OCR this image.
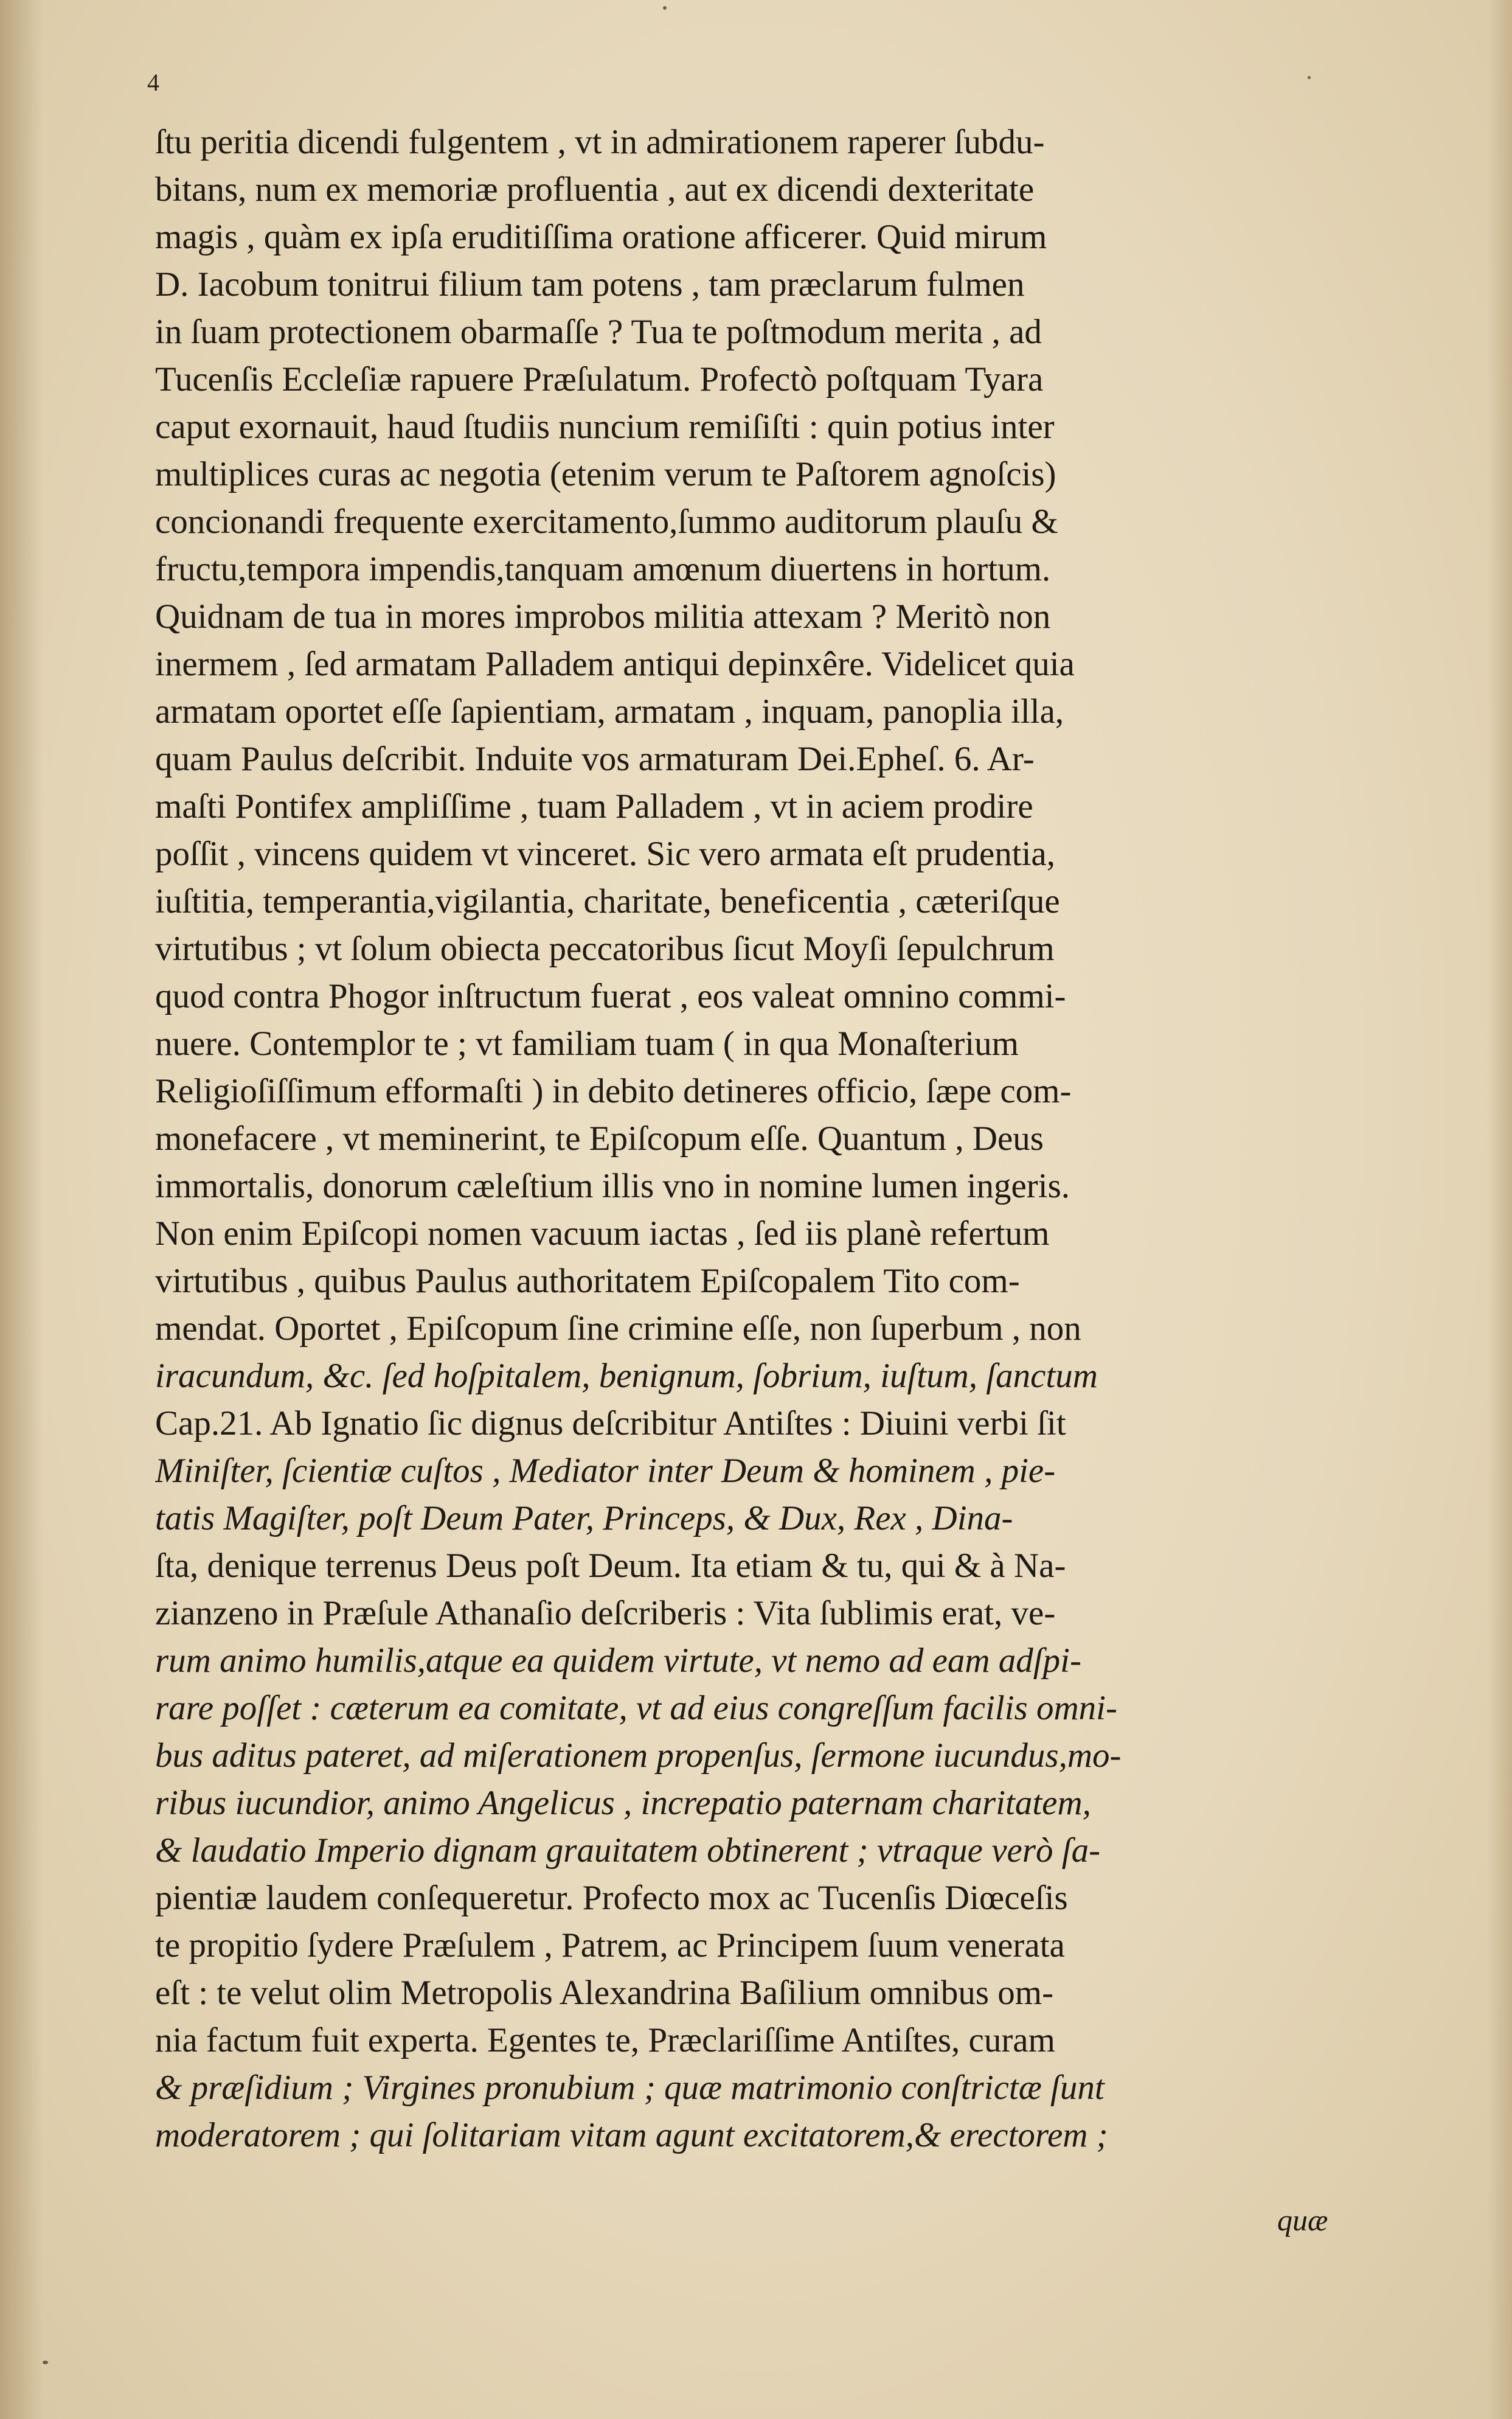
4
ſtu peritia dicendi fulgentem , vt in admirationem raperer ſubdu-
bitans, num ex memoriæ profluentia , aut ex dicendi dexteritate
magis , quàm ex ipſa eruditiſſima oratione afficerer. Quid mirum
D. Iacobum tonitrui filium tam potens , tam præclarum fulmen
in ſuam protectionem obarmaſſe ? Tua te poſtmodum merita , ad
Tucenſis Eccleſiæ rapuere Præſulatum. Profectò poſtquam Tyara
caput exornauit, haud ſtudiis nuncium remiſiſti : quin potius inter
multiplices curas ac negotia (etenim verum te Paſtorem agnoſcis)
concionandi frequente exercitamento,ſummo auditorum plauſu &
fructu,tempora impendis,tanquam amœnum diuertens in hortum.
Quidnam de tua in mores improbos militia attexam ? Meritò non
inermem , ſed armatam Palladem antiqui depinxêre. Videlicet quia
armatam oportet eſſe ſapientiam, armatam , inquam, panoplia illa,
quam Paulus deſcribit. Induite vos armaturam Dei.Epheſ. 6. Ar-
maſti Pontifex ampliſſime , tuam Palladem , vt in aciem prodire
poſſit , vincens quidem vt vinceret. Sic vero armata eſt prudentia,
iuſtitia, temperantia,vigilantia, charitate, beneficentia , cæteriſque
virtutibus ; vt ſolum obiecta peccatoribus ſicut Moyſi ſepulchrum
quod contra Phogor inſtructum fuerat , eos valeat omnino commi-
nuere. Contemplor te ; vt familiam tuam ( in qua Monaſterium
Religioſiſſimum efformaſti ) in debito detineres officio, ſæpe com-
monefacere , vt meminerint, te Epiſcopum eſſe. Quantum , Deus
immortalis, donorum cæleſtium illis vno in nomine lumen ingeris.
Non enim Epiſcopi nomen vacuum iactas , ſed iis planè refertum
virtutibus , quibus Paulus authoritatem Epiſcopalem Tito com-
mendat. Oportet , Epiſcopum ſine crimine eſſe, non ſuperbum , non
iracundum, &c. ſed hoſpitalem, benignum, ſobrium, iuſtum, ſanctum
Cap.21. Ab Ignatio ſic dignus deſcribitur Antiſtes : Diuini verbi ſit
Miniſter, ſcientiæ cuſtos , Mediator inter Deum & hominem , pie-
tatis Magiſter, poſt Deum Pater, Princeps, & Dux, Rex , Dina-
ſta, denique terrenus Deus poſt Deum. Ita etiam & tu, qui & à Na-
zianzeno in Præſule Athanaſio deſcriberis : Vita ſublimis erat, ve-
rum animo humilis,atque ea quidem virtute, vt nemo ad eam adſpi-
rare poſſet : cæterum ea comitate, vt ad eius congreſſum facilis omni-
bus aditus pateret, ad miſerationem propenſus, ſermone iucundus,mo-
ribus iucundior, animo Angelicus , increpatio paternam charitatem,
& laudatio Imperio dignam grauitatem obtinerent ; vtraque verò ſa-
pientiæ laudem conſequeretur. Profecto mox ac Tucenſis Diœceſis
te propitio ſydere Præſulem , Patrem, ac Principem ſuum venerata
eſt : te velut olim Metropolis Alexandrina Baſilium omnibus om-
nia factum fuit experta. Egentes te, Præclariſſime Antiſtes, curam
& præſidium ; Virgines pronubium ; quæ matrimonio conſtrictæ ſunt
moderatorem ; qui ſolitariam vitam agunt excitatorem,& erectorem ;
quæ
